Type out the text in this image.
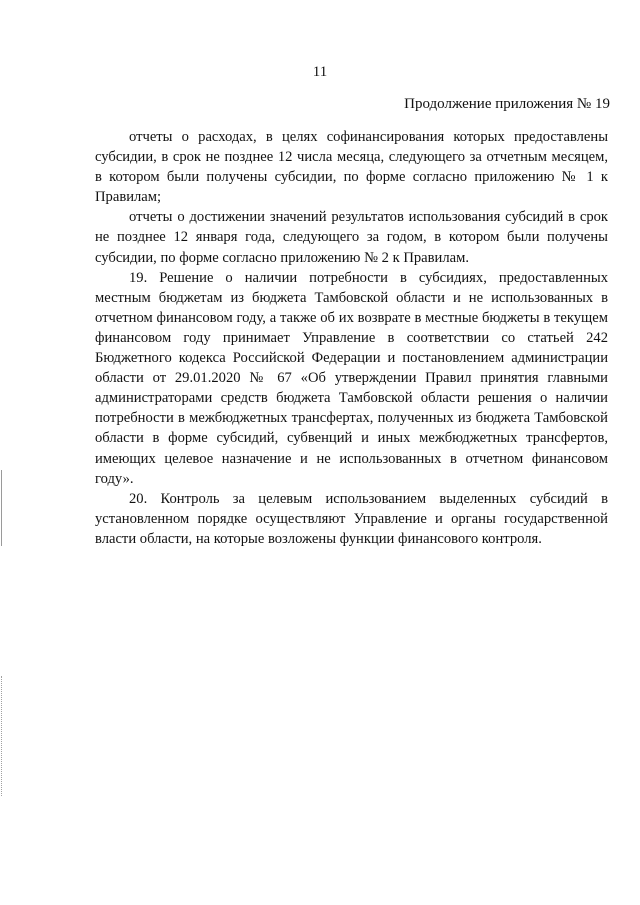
11
Продолжение приложения № 19

отчеты о расходах, в целях софинансирования которых предоставлены субсидии, в срок не позднее 12 числа месяца, следующего за отчетным месяцем, в котором были получены субсидии, по форме согласно приложению № 1 к Правилам;

отчеты о достижении значений результатов использования субсидий в срок не позднее 12 января года, следующего за годом, в котором были получены субсидии, по форме согласно приложению № 2 к Правилам.

19. Решение о наличии потребности в субсидиях, предоставленных местным бюджетам из бюджета Тамбовской области и не использованных в отчетном финансовом году, а также об их возврате в местные бюджеты в текущем финансовом году принимает Управление в соответствии со статьей 242 Бюджетного кодекса Российской Федерации и постановлением администрации области от 29.01.2020 № 67 «Об утверждении Правил принятия главными администраторами средств бюджета Тамбовской области решения о наличии потребности в межбюджетных трансфертах, полученных из бюджета Тамбовской области в форме субсидий, субвенций и иных межбюджетных трансфертов, имеющих целевое назначение и не использованных в отчетном финансовом году».

20. Контроль за целевым использованием выделенных субсидий в установленном порядке осуществляют Управление и органы государственной власти области, на которые возложены функции финансового контроля.
